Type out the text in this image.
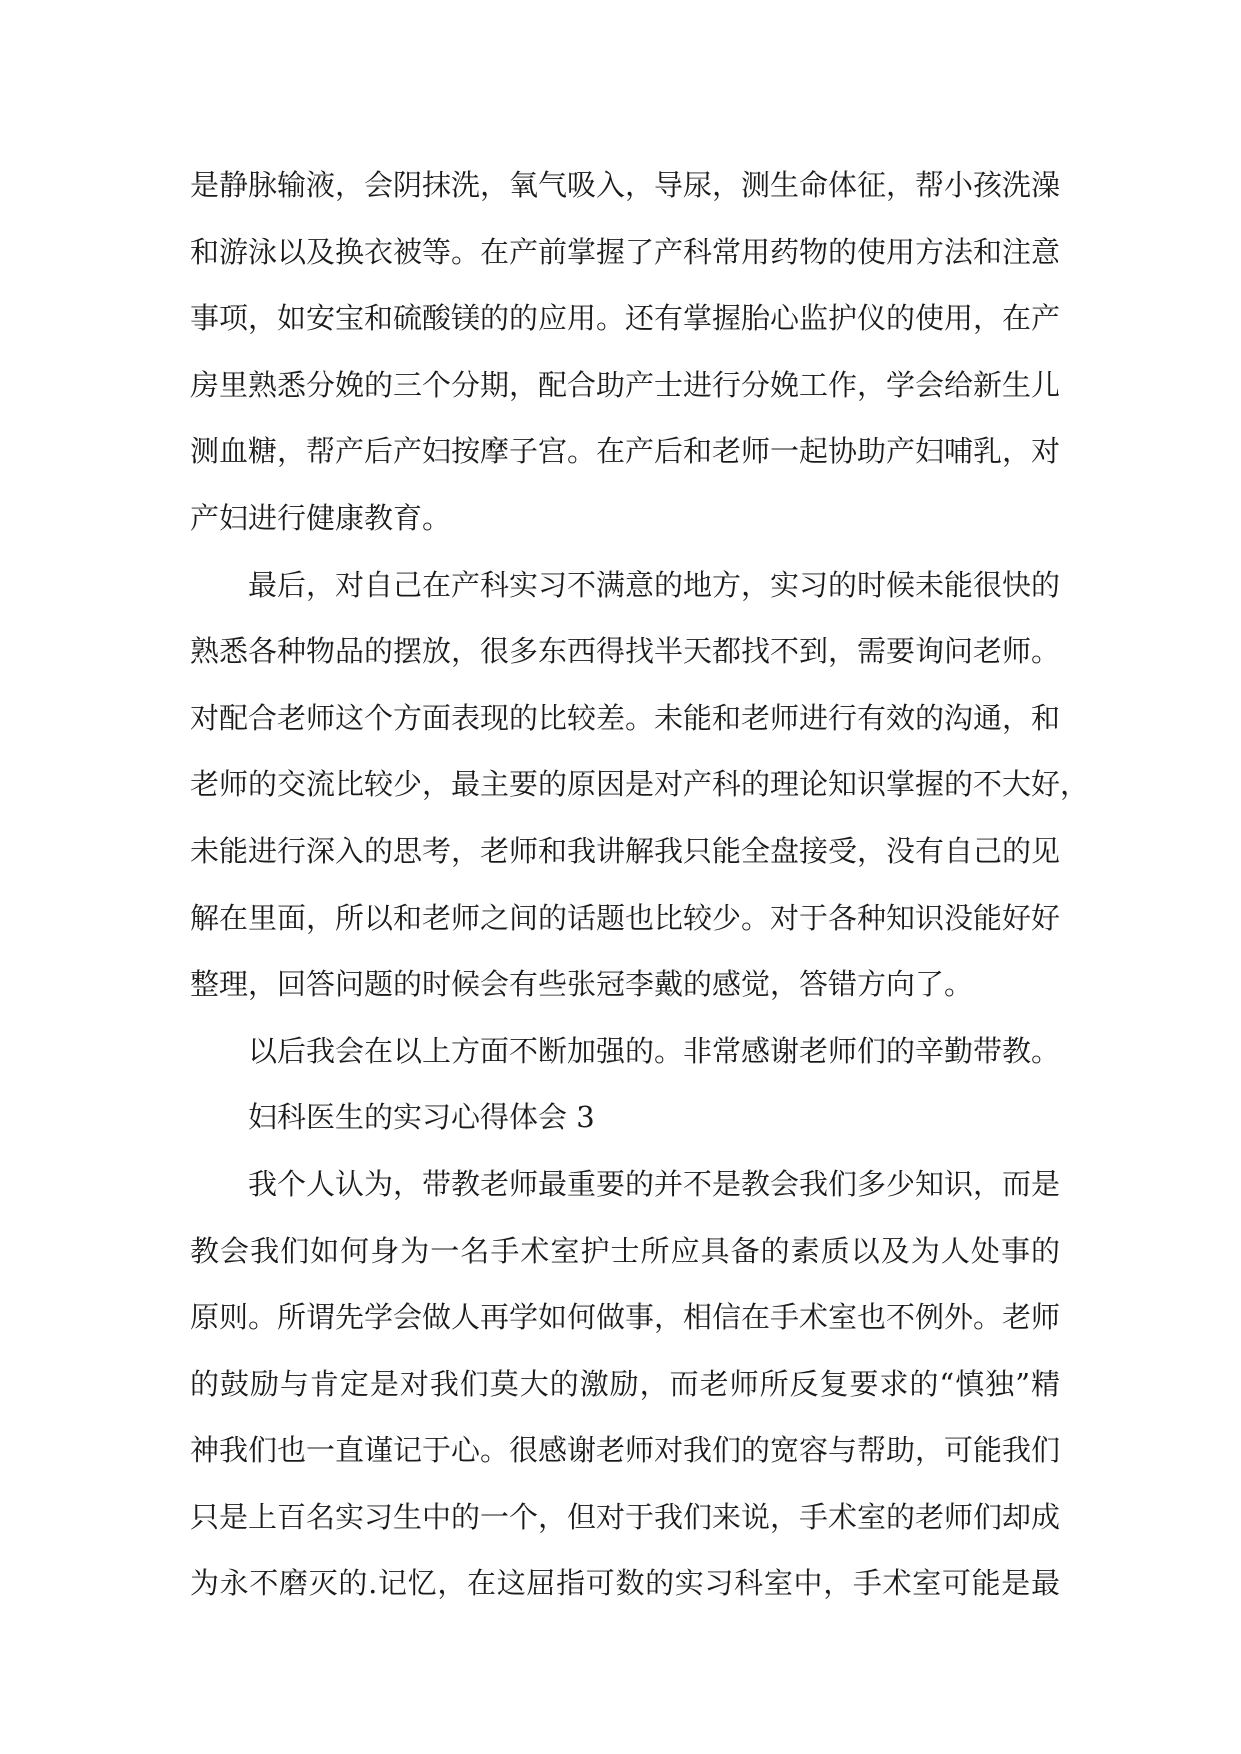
是静脉输液，会阴抹洗，氧气吸入，导尿，测生命体征，帮小孩洗澡
和游泳以及换衣被等。在产前掌握了产科常用药物的使用方法和注意
事项，如安宝和硫酸镁的的应用。还有掌握胎心监护仪的使用，在产
房里熟悉分娩的三个分期，配合助产士进行分娩工作，学会给新生儿
测血糖，帮产后产妇按摩子宫。在产后和老师一起协助产妇哺乳，对
产妇进行健康教育。
最后，对自己在产科实习不满意的地方，实习的时候未能很快的
熟悉各种物品的摆放，很多东西得找半天都找不到，需要询问老师。
对配合老师这个方面表现的比较差。未能和老师进行有效的沟通，和
老师的交流比较少，最主要的原因是对产科的理论知识掌握的不大好，
未能进行深入的思考，老师和我讲解我只能全盘接受，没有自己的见
解在里面，所以和老师之间的话题也比较少。对于各种知识没能好好
整理，回答问题的时候会有些张冠李戴的感觉，答错方向了。
以后我会在以上方面不断加强的。非常感谢老师们的辛勤带教。
妇科医生的实习心得体会 3
我个人认为，带教老师最重要的并不是教会我们多少知识，而是
教会我们如何身为一名手术室护士所应具备的素质以及为人处事的
原则。所谓先学会做人再学如何做事，相信在手术室也不例外。老师
的鼓励与肯定是对我们莫大的激励，而老师所反复要求的“慎独”精
神我们也一直谨记于心。很感谢老师对我们的宽容与帮助，可能我们
只是上百名实习生中的一个，但对于我们来说，手术室的老师们却成
为永不磨灭的.记忆，在这屈指可数的实习科室中，手术室可能是最
